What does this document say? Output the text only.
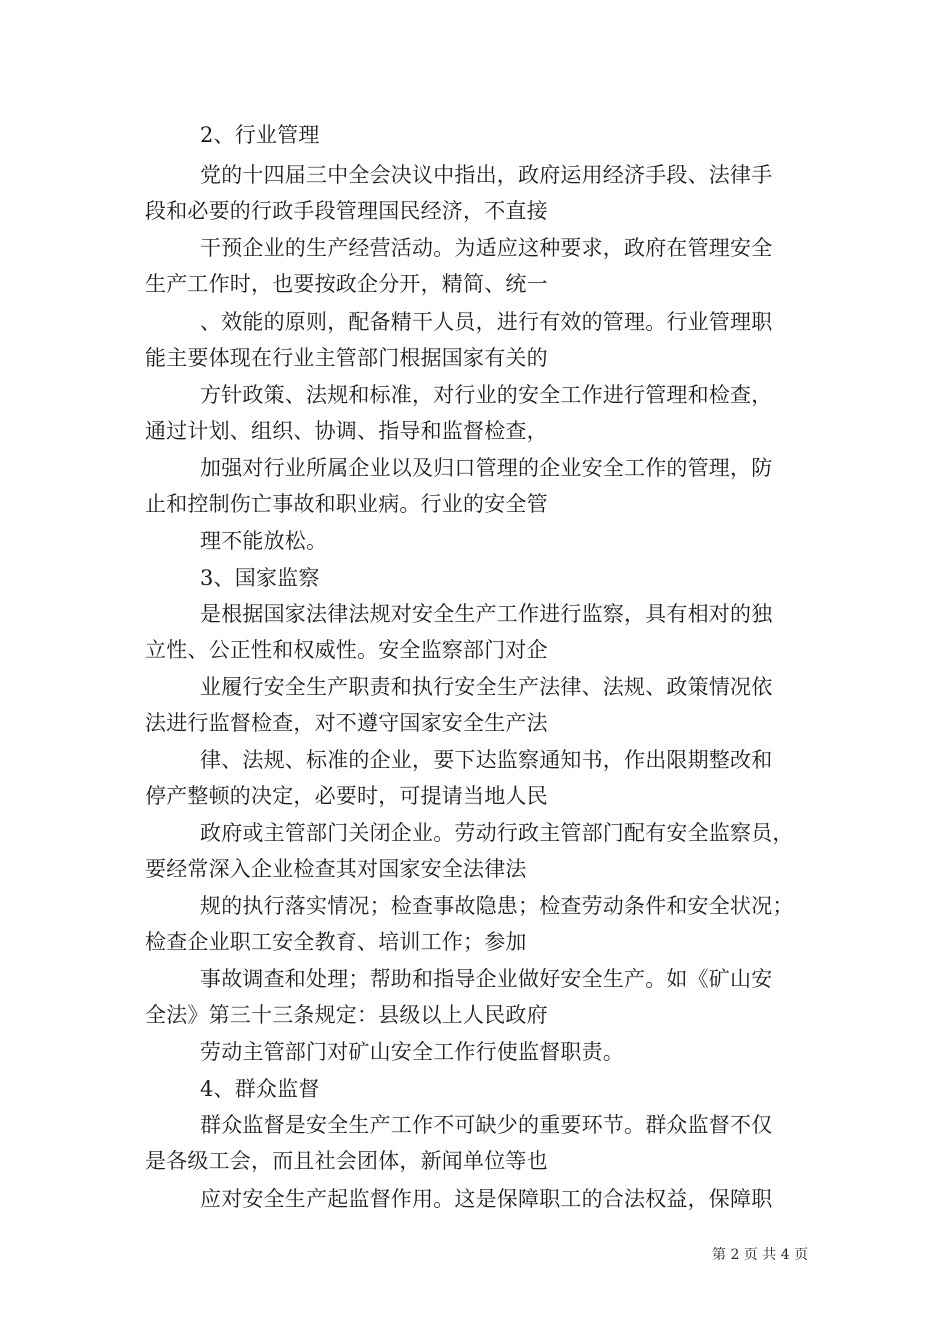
2、行业管理
党的十四届三中全会决议中指出，政府运用经济手段、法律手
段和必要的行政手段管理国民经济，不直接
干预企业的生产经营活动。为适应这种要求，政府在管理安全
生产工作时，也要按政企分开，精简、统一
、效能的原则，配备精干人员，进行有效的管理。行业管理职
能主要体现在行业主管部门根据国家有关的
方针政策、法规和标准，对行业的安全工作进行管理和检查，
通过计划、组织、协调、指导和监督检查，
加强对行业所属企业以及归口管理的企业安全工作的管理，防
止和控制伤亡事故和职业病。行业的安全管
理不能放松。
3、国家监察
是根据国家法律法规对安全生产工作进行监察，具有相对的独
立性、公正性和权威性。安全监察部门对企
业履行安全生产职责和执行安全生产法律、法规、政策情况依
法进行监督检查，对不遵守国家安全生产法
律、法规、标准的企业，要下达监察通知书，作出限期整改和
停产整顿的决定，必要时，可提请当地人民
政府或主管部门关闭企业。劳动行政主管部门配有安全监察员，
要经常深入企业检查其对国家安全法律法
规的执行落实情况；检查事故隐患；检查劳动条件和安全状况；
检查企业职工安全教育、培训工作；参加
事故调查和处理；帮助和指导企业做好安全生产。如《矿山安
全法》第三十三条规定：县级以上人民政府
劳动主管部门对矿山安全工作行使监督职责。
4、群众监督
群众监督是安全生产工作不可缺少的重要环节。群众监督不仅
是各级工会，而且社会团体，新闻单位等也
应对安全生产起监督作用。这是保障职工的合法权益，保障职
第 2 页 共 4 页
